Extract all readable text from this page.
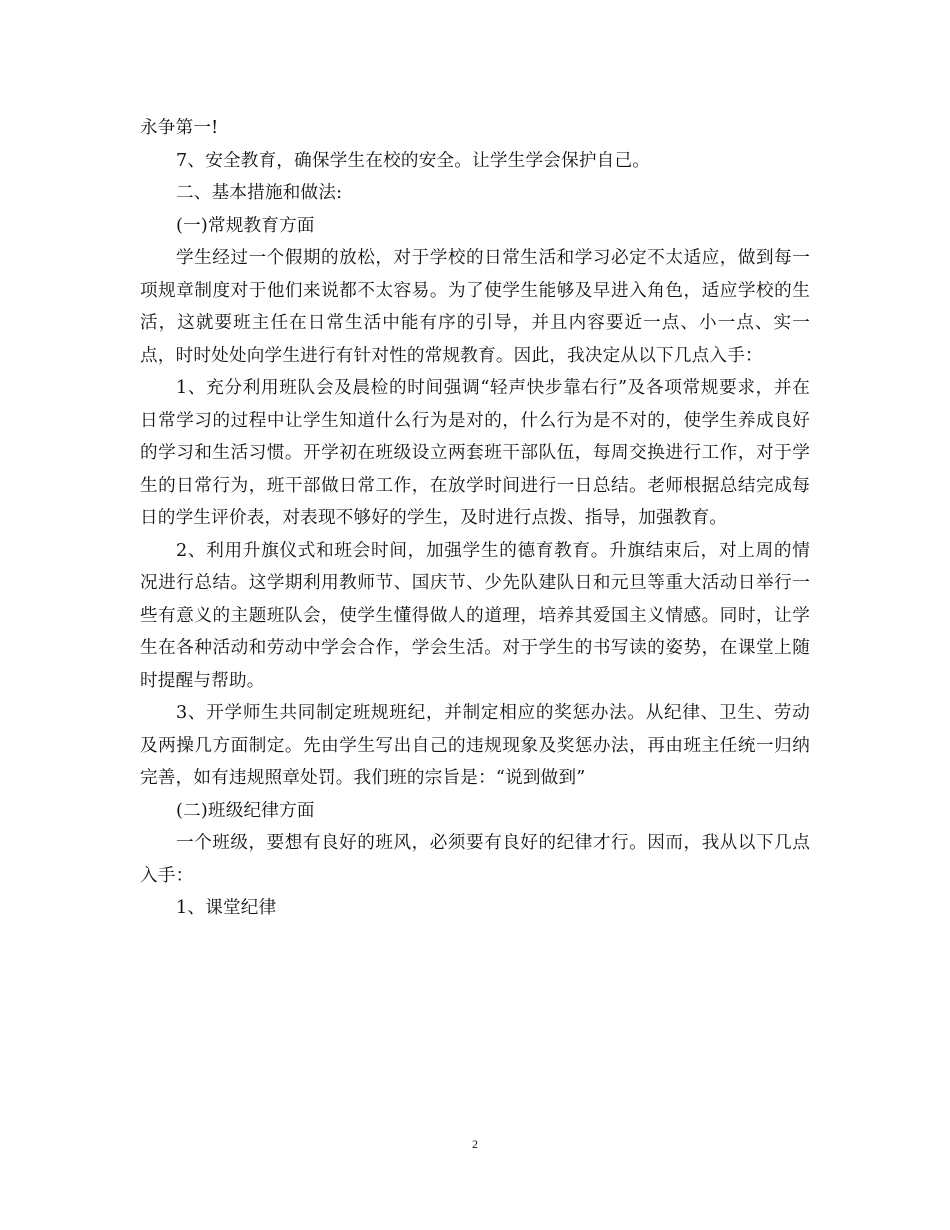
永争第一!

7、安全教育，确保学生在校的安全。让学生学会保护自己。

二、基本措施和做法:

(一)常规教育方面

学生经过一个假期的放松，对于学校的日常生活和学习必定不太适应，做到每一项规章制度对于他们来说都不太容易。为了使学生能够及早进入角色，适应学校的生活，这就要班主任在日常生活中能有序的引导，并且内容要近一点、小一点、实一点，时时处处向学生进行有针对性的常规教育。因此，我决定从以下几点入手：

1、充分利用班队会及晨检的时间强调“轻声快步靠右行”及各项常规要求，并在日常学习的过程中让学生知道什么行为是对的，什么行为是不对的，使学生养成良好的学习和生活习惯。开学初在班级设立两套班干部队伍，每周交换进行工作，对于学生的日常行为，班干部做日常工作，在放学时间进行一日总结。老师根据总结完成每日的学生评价表，对表现不够好的学生，及时进行点拨、指导，加强教育。

2、利用升旗仪式和班会时间，加强学生的德育教育。升旗结束后，对上周的情况进行总结。这学期利用教师节、国庆节、少先队建队日和元旦等重大活动日举行一些有意义的主题班队会，使学生懂得做人的道理，培养其爱国主义情感。同时，让学生在各种活动和劳动中学会合作，学会生活。对于学生的书写读的姿势，在课堂上随时提醒与帮助。

3、开学师生共同制定班规班纪，并制定相应的奖惩办法。从纪律、卫生、劳动及两操几方面制定。先由学生写出自己的违规现象及奖惩办法，再由班主任统一归纳完善，如有违规照章处罚。我们班的宗旨是：“说到做到”

(二)班级纪律方面

一个班级，要想有良好的班风，必须要有良好的纪律才行。因而，我从以下几点入手：

1、课堂纪律

2
